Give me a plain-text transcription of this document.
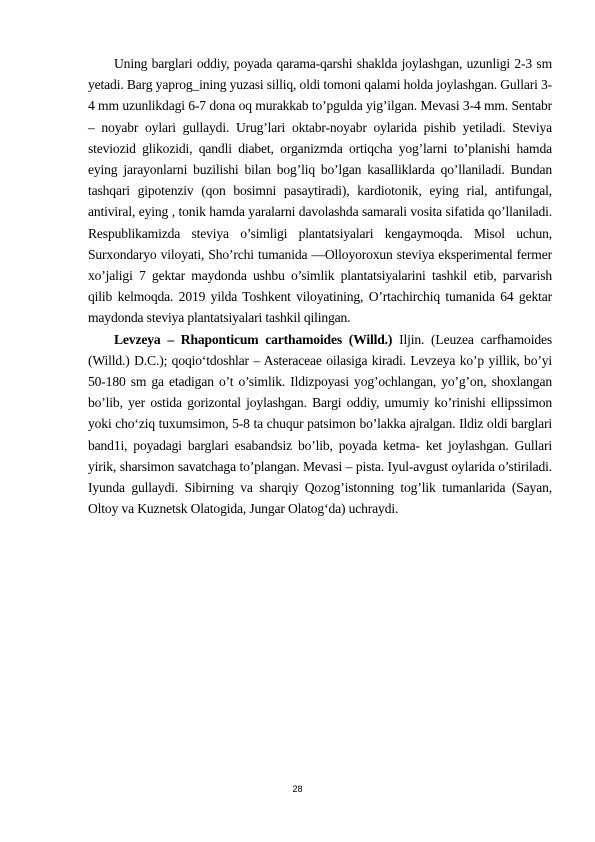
Uning barglari oddiy, poyada qarama-qarshi shaklda joylashgan, uzunligi 2-3 sm yetadi. Barg yaprog_ining yuzasi silliq, oldi tomoni qalami holda joylashgan. Gullari 3-4 mm uzunlikdagi 6-7 dona oq murakkab to’pgulda yig’ilgan. Mevasi 3-4 mm. Sentabr – noyabr oylari gullaydi. Urug’lari oktabr-noyabr oylarida pishib yetiladi. Steviya steviozid glikozidi, qandli diabet, organizmda ortiqcha yog’larni to’planishi hamda eying jarayonlarni buzilishi bilan bog’liq bo’lgan kasalliklarda qo’llaniladi. Bundan tashqari gipotenziv (qon bosimni pasaytiradi), kardiotonik, eying rial, antifungal, antiviral, eying , tonik hamda yaralarni davolashda samarali vosita sifatida qo’llaniladi. Respublikamizda steviya o’simligi plantatsiyalari kengaymoqda. Misol uchun, Surxondaryo viloyati, Sho’rchi tumanida ―Olloyoroxun steviya eksperimental fermer xo’jaligi 7 gektar maydonda ushbu o’simlik plantatsiyalarini tashkil etib, parvarish qilib kelmoqda. 2019 yilda Toshkent viloyatining, O’rtachirchiq tumanida 64 gektar maydonda steviya plantatsiyalari tashkil qilingan.

Levzeya – Rhaponticum carthamoides (Willd.) Iljin. (Leuzea carfhamoides (Willd.) D.C.); qoqio‘tdoshlar – Asteraceae oilasiga kiradi. Levzeya ko’p yillik, bo’yi 50-180 sm ga etadigan o’t o’simlik. Ildizpoyasi yog’ochlangan, yo’g’on, shoxlangan bo’lib, yer ostida gorizontal joylashgan. Bargi oddiy, umumiy ko’rinishi ellipssimon yoki cho‘ziq tuxumsimon, 5-8 ta chuqur patsimon bo’lakka ajralgan. Ildiz oldi barglari band1i, poyadagi barglari esabandsiz bo’lib, poyada ketma- ket joylashgan. Gullari yirik, sharsimon savatchaga to’plangan. Mevasi – pista. Iyul-avgust oylarida o’stiriladi. Iyunda gullaydi. Sibirning va sharqiy Qozog’istonning tog’lik tumanlarida (Sayan, Oltoy va Kuznetsk Olatogida, Jungar Olatog‘da) uchraydi.

28
